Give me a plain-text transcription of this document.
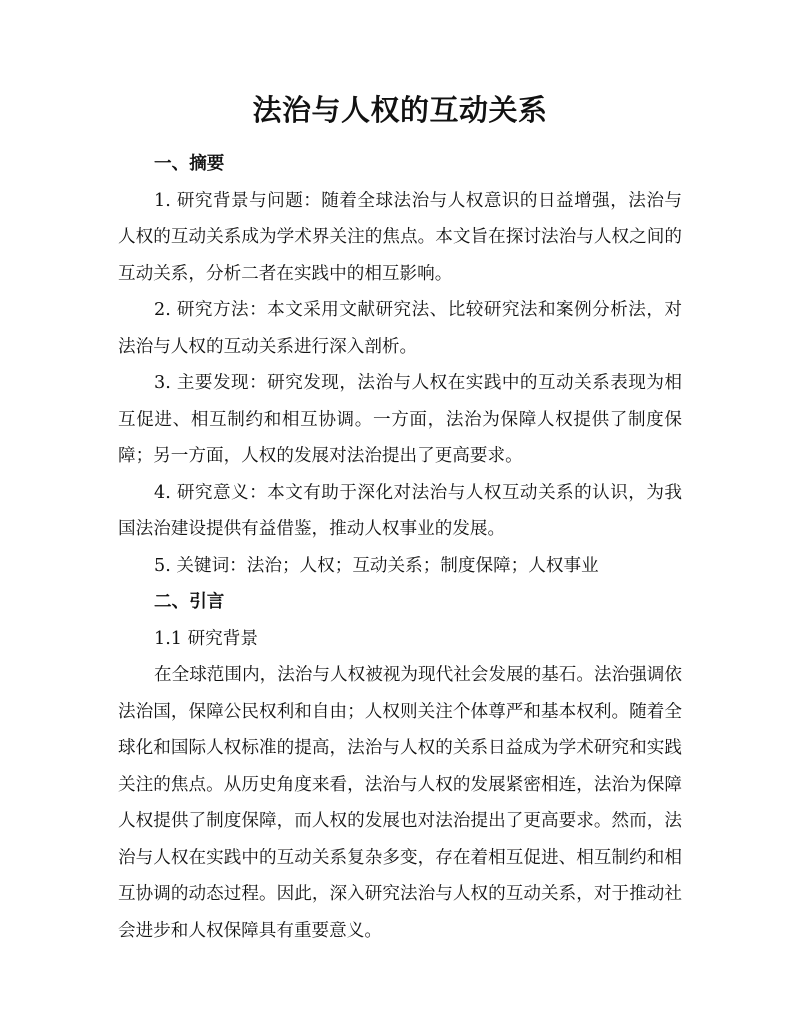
法治与人权的互动关系

一、摘要

1. 研究背景与问题：随着全球法治与人权意识的日益增强，法治与人权的互动关系成为学术界关注的焦点。本文旨在探讨法治与人权之间的互动关系，分析二者在实践中的相互影响。

2. 研究方法：本文采用文献研究法、比较研究法和案例分析法，对法治与人权的互动关系进行深入剖析。

3. 主要发现：研究发现，法治与人权在实践中的互动关系表现为相互促进、相互制约和相互协调。一方面，法治为保障人权提供了制度保障；另一方面，人权的发展对法治提出了更高要求。

4. 研究意义：本文有助于深化对法治与人权互动关系的认识，为我国法治建设提供有益借鉴，推动人权事业的发展。

5. 关键词：法治；人权；互动关系；制度保障；人权事业

二、引言

1.1 研究背景

在全球范围内，法治与人权被视为现代社会发展的基石。法治强调依法治国，保障公民权利和自由；人权则关注个体尊严和基本权利。随着全球化和国际人权标准的提高，法治与人权的关系日益成为学术研究和实践关注的焦点。从历史角度来看，法治与人权的发展紧密相连，法治为保障人权提供了制度保障，而人权的发展也对法治提出了更高要求。然而，法治与人权在实践中的互动关系复杂多变，存在着相互促进、相互制约和相互协调的动态过程。因此，深入研究法治与人权的互动关系，对于推动社会进步和人权保障具有重要意义。
